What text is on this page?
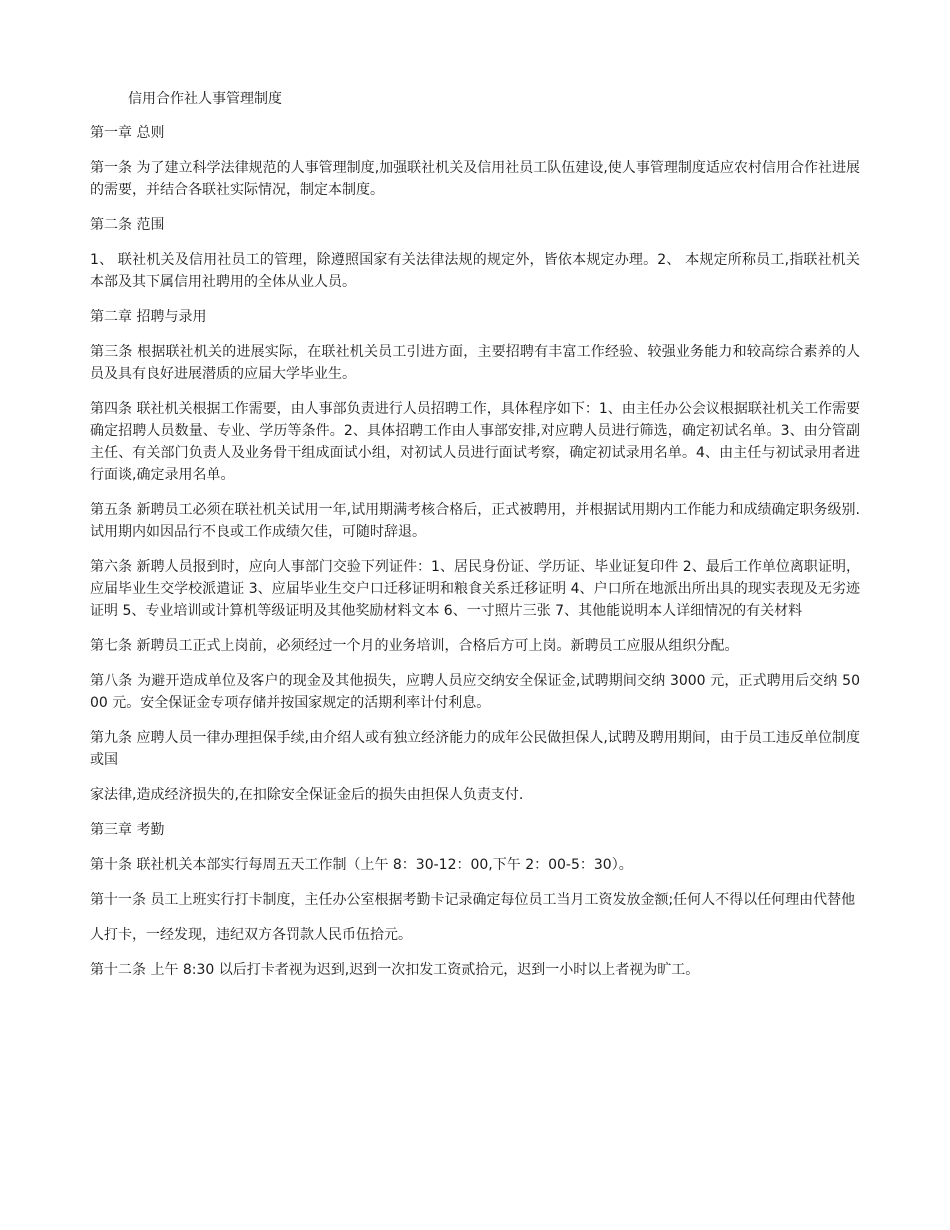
信用合作社人事管理制度
第一章 总则

第一条 为了建立科学法律规范的人事管理制度,加强联社机关及信用社员工队伍建设,使人事管理制度适应农村信用合作社进展的需要，并结合各联社实际情况，制定本制度。

第二条 范围

1、 联社机关及信用社员工的管理，除遵照国家有关法律法规的规定外，皆依本规定办理。2、 本规定所称员工,指联社机关本部及其下属信用社聘用的全体从业人员。

第二章 招聘与录用

第三条 根据联社机关的进展实际，在联社机关员工引进方面，主要招聘有丰富工作经验、较强业务能力和较高综合素养的人员及具有良好进展潜质的应届大学毕业生。

第四条 联社机关根据工作需要，由人事部负责进行人员招聘工作，具体程序如下：1、由主任办公会议根据联社机关工作需要确定招聘人员数量、专业、学历等条件。2、具体招聘工作由人事部安排,对应聘人员进行筛选，确定初试名单。3、由分管副主任、有关部门负责人及业务骨干组成面试小组，对初试人员进行面试考察，确定初试录用名单。4、由主任与初试录用者进行面谈,确定录用名单。

第五条 新聘员工必须在联社机关试用一年,试用期满考核合格后，正式被聘用，并根据试用期内工作能力和成绩确定职务级别.试用期内如因品行不良或工作成绩欠佳，可随时辞退。

第六条 新聘人员报到时，应向人事部门交验下列证件：1、居民身份证、学历证、毕业证复印件 2、最后工作单位离职证明，应届毕业生交学校派遣证 3、应届毕业生交户口迁移证明和粮食关系迁移证明 4、户口所在地派出所出具的现实表现及无劣迹证明 5、专业培训或计算机等级证明及其他奖励材料文本 6、一寸照片三张 7、其他能说明本人详细情况的有关材料

第七条 新聘员工正式上岗前，必须经过一个月的业务培训，合格后方可上岗。新聘员工应服从组织分配。

第八条 为避开造成单位及客户的现金及其他损失，应聘人员应交纳安全保证金,试聘期间交纳 3000 元，正式聘用后交纳 5000 元。安全保证金专项存储并按国家规定的活期利率计付利息。

第九条 应聘人员一律办理担保手续,由介绍人或有独立经济能力的成年公民做担保人,试聘及聘用期间，由于员工违反单位制度或国

家法律,造成经济损失的,在扣除安全保证金后的损失由担保人负责支付.

第三章 考勤

第十条 联社机关本部实行每周五天工作制（上午 8：30-12：00,下午 2：00-5：30）。

第十一条 员工上班实行打卡制度，主任办公室根据考勤卡记录确定每位员工当月工资发放金额;任何人不得以任何理由代替他

人打卡，一经发现，违纪双方各罚款人民币伍拾元。

第十二条 上午 8:30 以后打卡者视为迟到,迟到一次扣发工资贰拾元，迟到一小时以上者视为旷工。
